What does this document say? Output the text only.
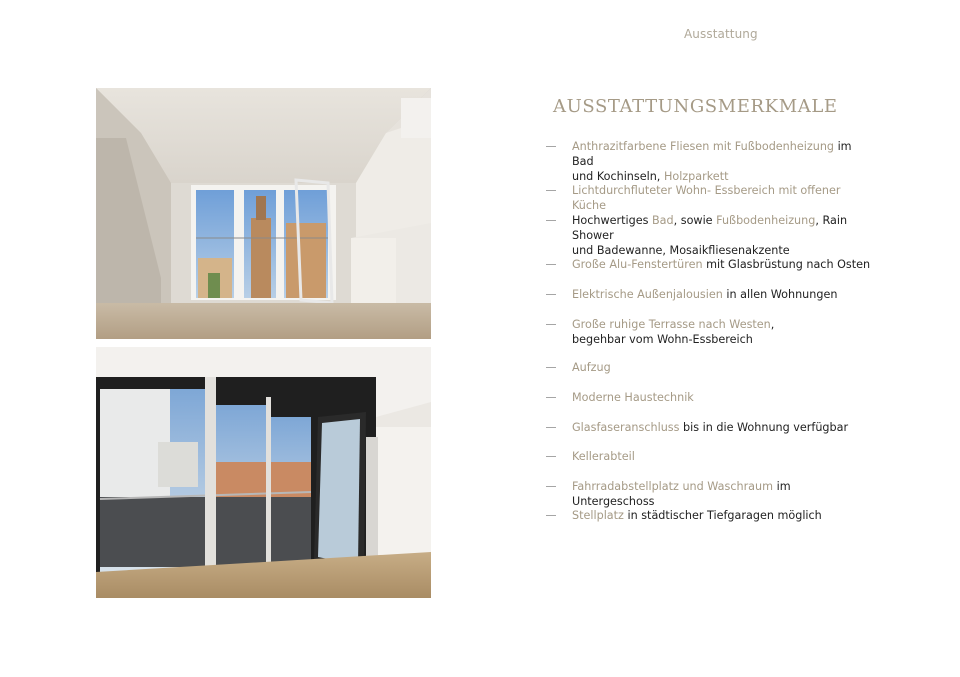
Ausstattung
AUSSTATTUNGSMERKMALE
Anthrazitfarbene Fliesen mit Fußbodenheizung im Bad
und Kochinseln, Holzparkett
Lichtdurchfluteter Wohn- Essbereich mit offener Küche
Hochwertiges Bad, sowie Fußbodenheizung, Rain Shower
und Badewanne, Mosaikfliesenakzente
Große Alu-Fenstertüren mit Glasbrüstung nach Osten
Elektrische Außenjalousien in allen Wohnungen
Große ruhige Terrasse nach Westen,
begehbar vom Wohn-Essbereich
Aufzug
Moderne Haustechnik
Glasfaseranschluss bis in die Wohnung verfügbar
Kellerabteil
Fahrradabstellplatz und Waschraum im Untergeschoss
Stellplatz in städtischer Tiefgaragen möglich
